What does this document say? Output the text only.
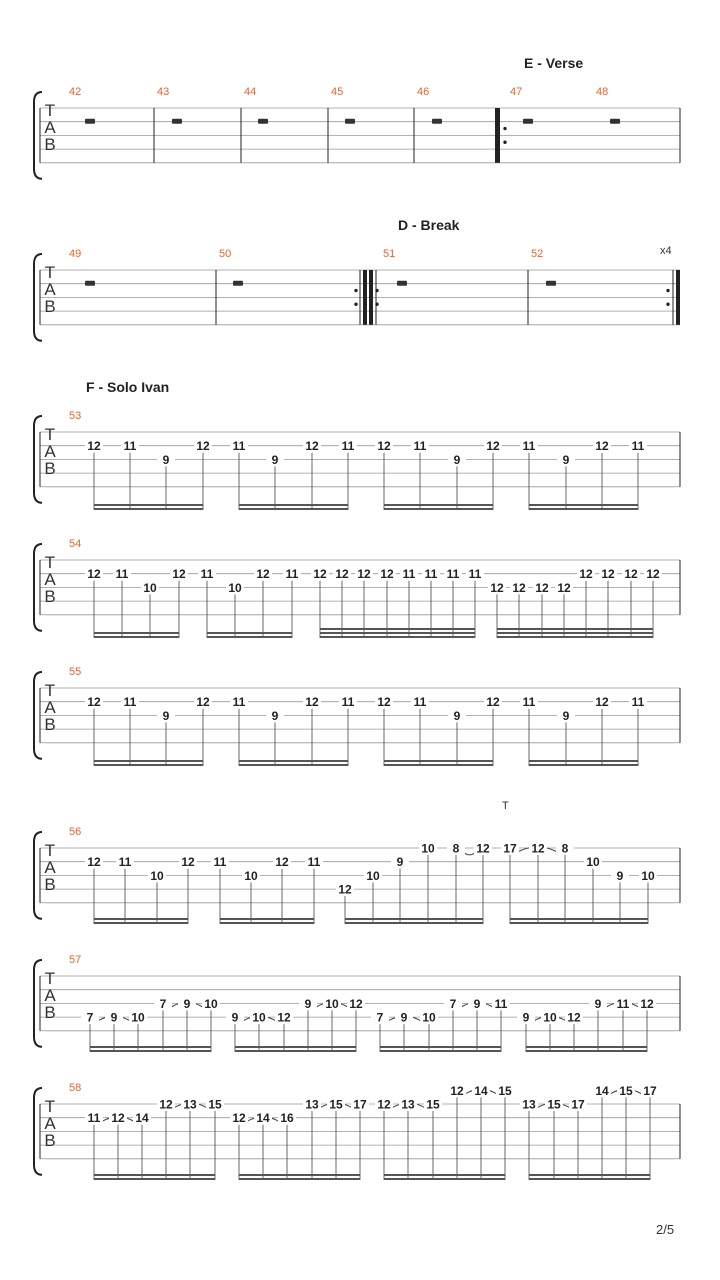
E - Verse
D - Break
F - Solo Ivan
x4
T
2/5
T
A
B
42	43	44	45	46	47	48
T
A
B
49	50	51	52
T
A
B
53
12 11
9
12 11
9
12 11 12 11
9
12 11
9
12 11
T
A
B
54
12 11
10
12 11
10
12 11 12 12 12 12 11 11 11 11
12 12 12 12
12 12 12 12
T
A
B
55
12 11
9
12 11
9
12 11 12 11
9
12 11
9
12 11
T
A
B
56
12 11
10
12 11
10
12 11
12
10
9
10 8 12 17 12 8
10
9 10
T
A
B
57
7 9 10
7 9 10
9 10 12
9 10 12
7 9 10
7 9 11
9 10 12
9 11 12
T
A
B
58
11 12 14
12 13 15
12 14 16
13 15 17 12 13 15
12 14 15
13 15 17
14 15 17
